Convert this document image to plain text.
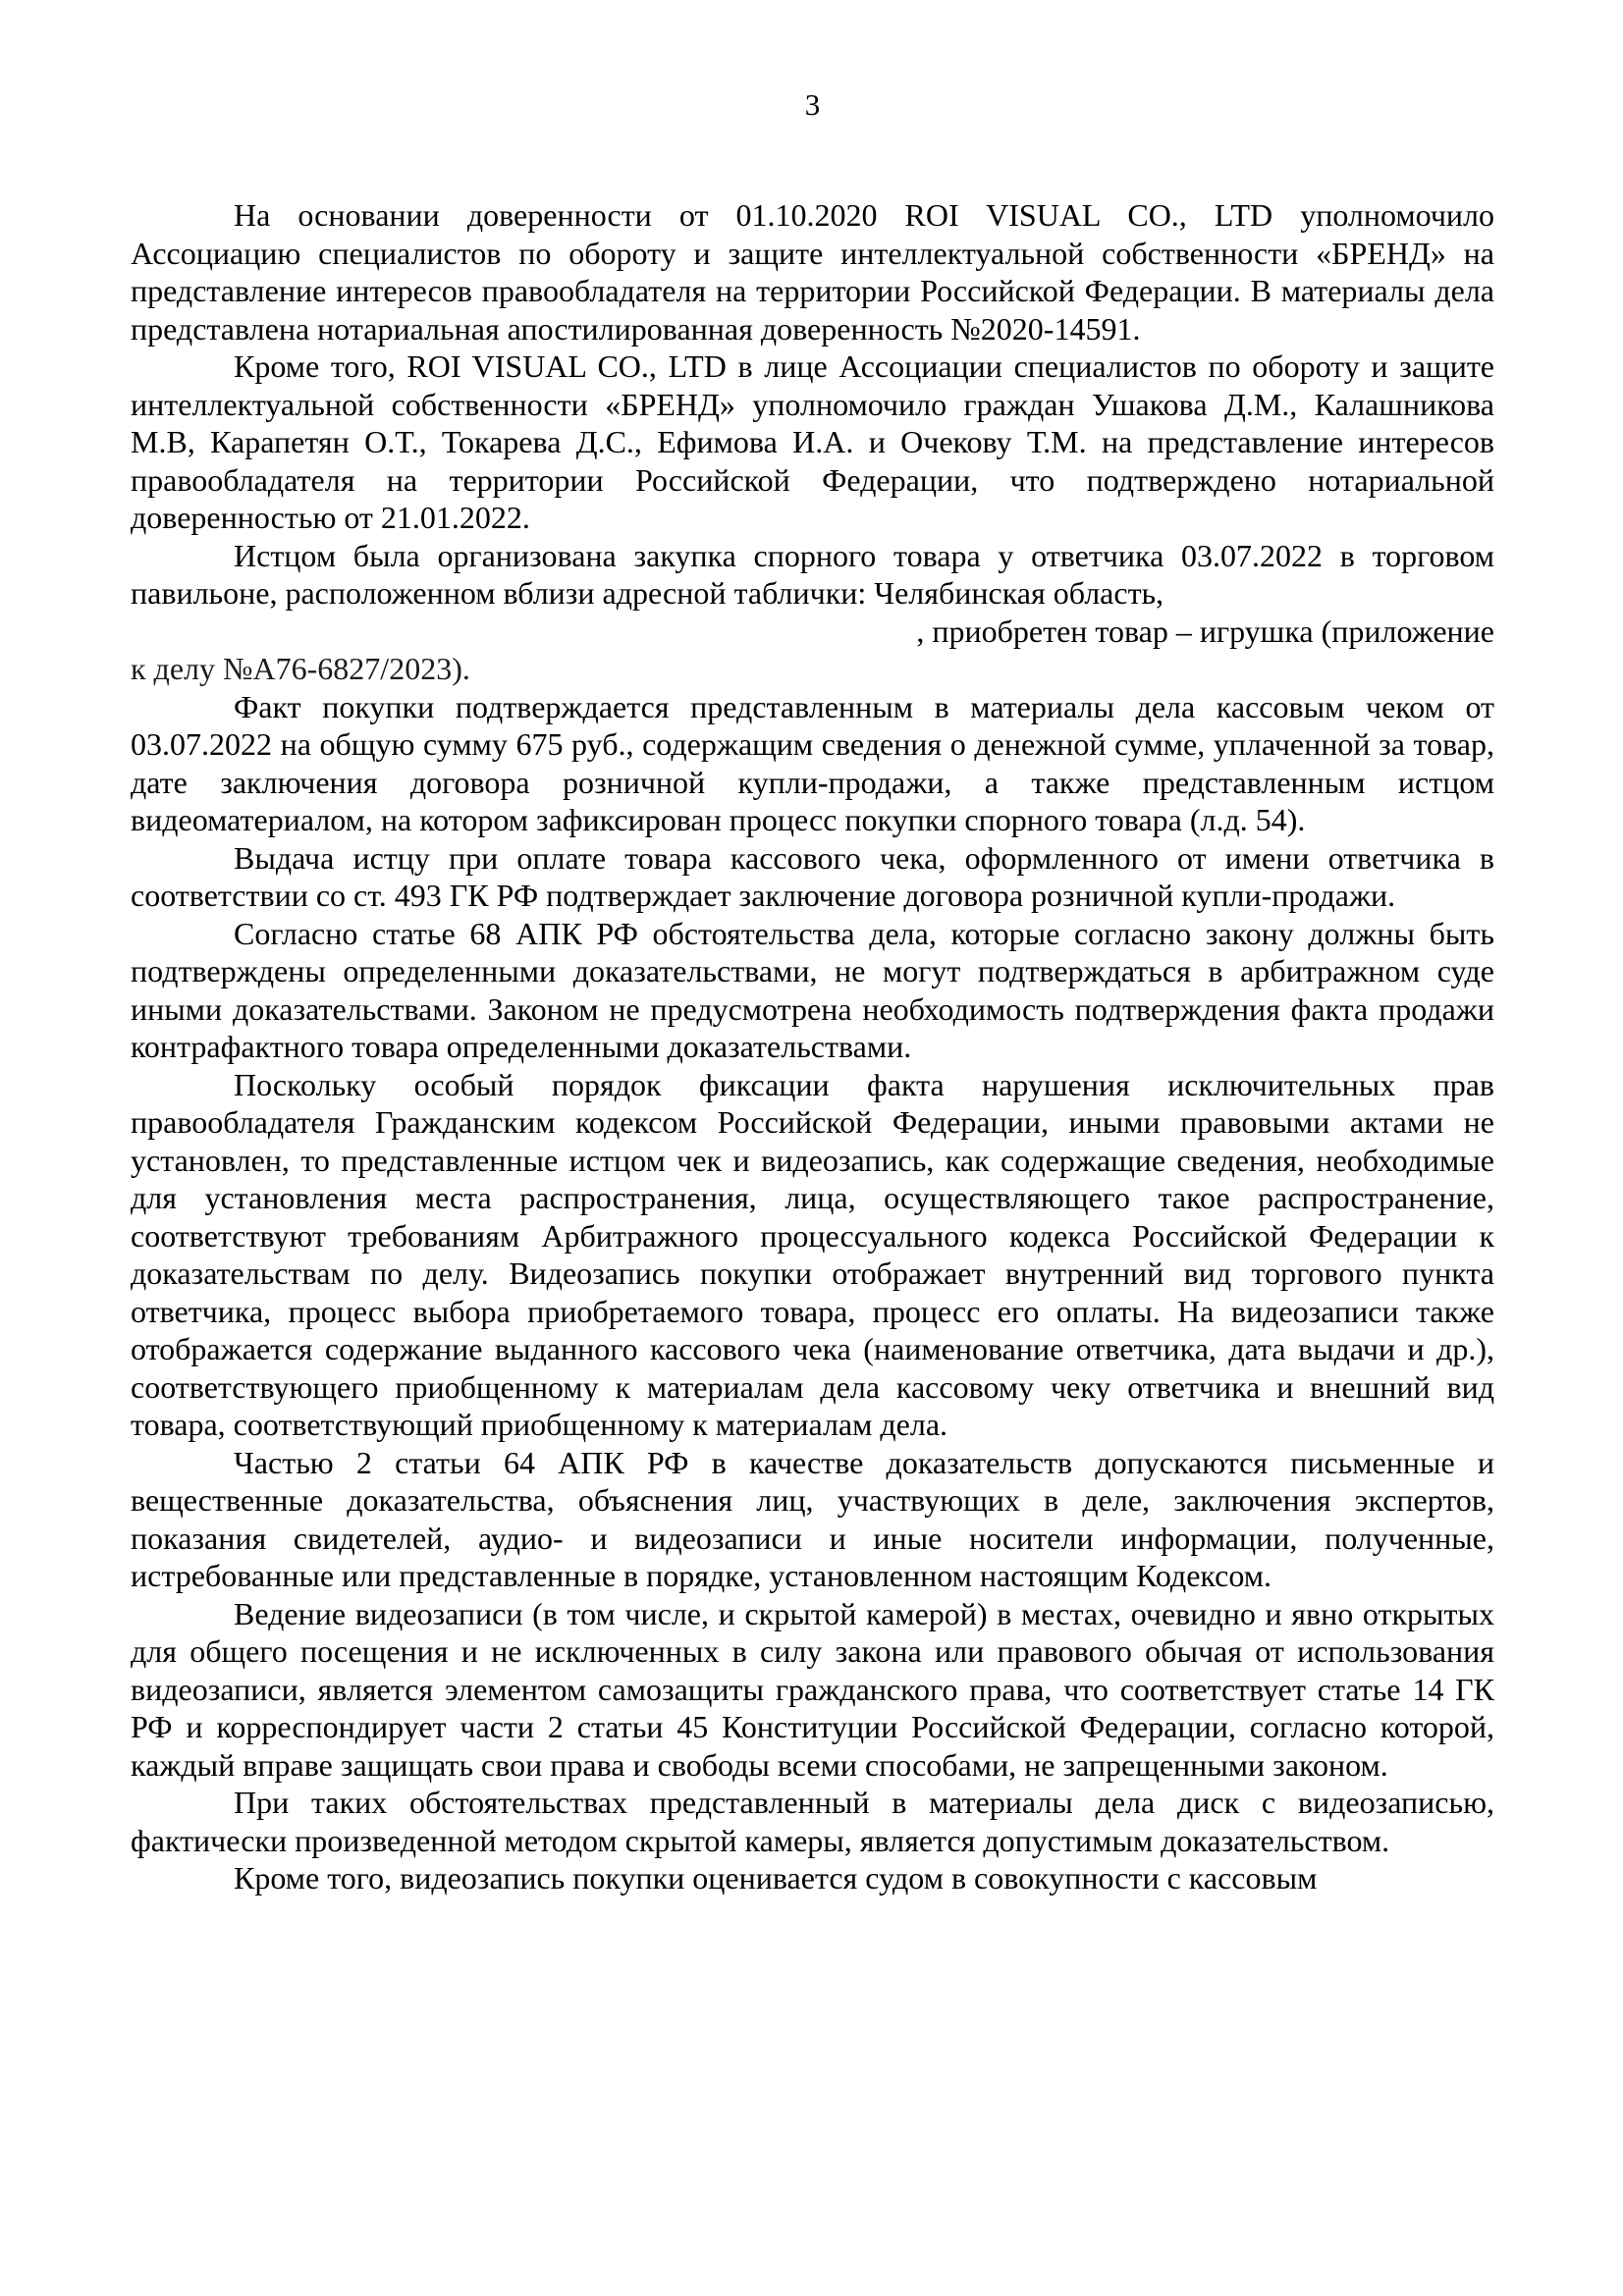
3

На основании доверенности от 01.10.2020 ROI VISUAL CO., LTD уполномочило Ассоциацию специалистов по обороту и защите интеллектуальной собственности «БРЕНД» на представление интересов правообладателя на территории Российской Федерации. В материалы дела представлена нотариальная апостилированная доверенность №2020-14591.

Кроме того, ROI VISUAL CO., LTD в лице Ассоциации специалистов по обороту и защите интеллектуальной собственности «БРЕНД» уполномочило граждан Ушакова Д.М., Калашникова М.В, Карапетян О.Т., Токарева Д.С., Ефимова И.А. и Очекову Т.М. на представление интересов правообладателя на территории Российской Федерации, что подтверждено нотариальной доверенностью от 21.01.2022.

Истцом была организована закупка спорного товара у ответчика 03.07.2022 в торговом павильоне, расположенном вблизи адресной таблички: Челябинская область,

, приобретен товар – игрушка (приложение
к делу №А76-6827/2023).

Факт покупки подтверждается представленным в материалы дела кассовым чеком от 03.07.2022 на общую сумму 675 руб., содержащим сведения о денежной сумме, уплаченной за товар, дате заключения договора розничной купли-продажи, а также представленным истцом видеоматериалом, на котором зафиксирован процесс покупки спорного товара (л.д. 54).

Выдача истцу при оплате товара кассового чека, оформленного от имени ответчика в соответствии со ст. 493 ГК РФ подтверждает заключение договора розничной купли-продажи.

Согласно статье 68 АПК РФ обстоятельства дела, которые согласно закону должны быть подтверждены определенными доказательствами, не могут подтверждаться в арбитражном суде иными доказательствами. Законом не предусмотрена необходимость подтверждения факта продажи контрафактного товара определенными доказательствами.

Поскольку особый порядок фиксации факта нарушения исключительных прав правообладателя Гражданским кодексом Российской Федерации, иными правовыми актами не установлен, то представленные истцом чек и видеозапись, как содержащие сведения, необходимые для установления места распространения, лица, осуществляющего такое распространение, соответствуют требованиям Арбитражного процессуального кодекса Российской Федерации к доказательствам по делу. Видеозапись покупки отображает внутренний вид торгового пункта ответчика, процесс выбора приобретаемого товара, процесс его оплаты. На видеозаписи также отображается содержание выданного кассового чека (наименование ответчика, дата выдачи и др.), соответствующего приобщенному к материалам дела кассовому чеку ответчика и внешний вид товара, соответствующий приобщенному к материалам дела.

Частью 2 статьи 64 АПК РФ в качестве доказательств допускаются письменные и вещественные доказательства, объяснения лиц, участвующих в деле, заключения экспертов, показания свидетелей, аудио- и видеозаписи и иные носители информации, полученные, истребованные или представленные в порядке, установленном настоящим Кодексом.

Ведение видеозаписи (в том числе, и скрытой камерой) в местах, очевидно и явно открытых для общего посещения и не исключенных в силу закона или правового обычая от использования видеозаписи, является элементом самозащиты гражданского права, что соответствует статье 14 ГК РФ и корреспондирует части 2 статьи 45 Конституции Российской Федерации, согласно которой, каждый вправе защищать свои права и свободы всеми способами, не запрещенными законом.

При таких обстоятельствах представленный в материалы дела диск с видеозаписью, фактически произведенной методом скрытой камеры, является допустимым доказательством.

Кроме того, видеозапись покупки оценивается судом в совокупности с кассовым
